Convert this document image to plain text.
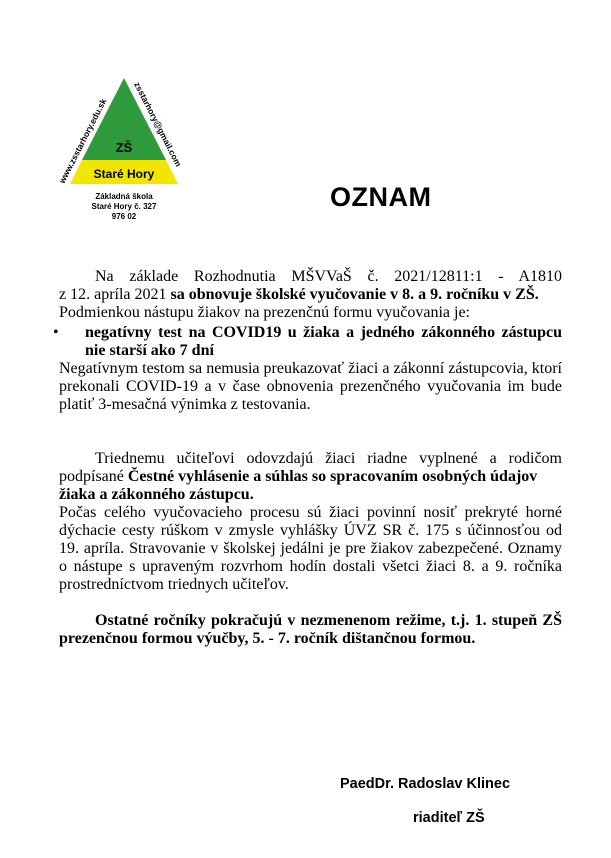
ZŠ
Staré Hory
www.zsstarhory.edu.sk
zsstarhory@gmail.com
Základná škola
Staré Hory č. 327
976 02
OZNAM

Na základe Rozhodnutia MŠVVaŠ č. 2021/12811:1 - A1810

z 12. apríla 2021 sa obnovuje školské vyučovanie v 8. a 9. ročníku v ZŠ.

Podmienkou nástupu žiakov na prezenčnú formu vyučovania je:

• negatívny test na COVID19 u žiaka a jedného zákonného zástupcu
nie starší ako 7 dní

Negatívnym testom sa nemusia preukazovať žiaci a zákonní zástupcovia, ktorí prekonali COVID-19 a v čase obnovenia prezenčného vyučovania im bude platiť 3-mesačná výnimka z testovania.

Triednemu učiteľovi odovzdajú žiaci riadne vyplnené a rodičom

podpísané Čestné vyhlásenie a súhlas so spracovaním osobných údajov

žiaka a zákonného zástupcu.

Počas celého vyučovacieho procesu sú žiaci povinní nosiť prekryté horné dýchacie cesty rúškom v zmysle vyhlášky ÚVZ SR č. 175 s účinnosťou od 19. apríla. Stravovanie v školskej jedálni je pre žiakov zabezpečené. Oznamy o nástupe s upraveným rozvrhom hodín dostali všetci žiaci 8. a 9. ročníka prostredníctvom triednych učiteľov.

Ostatné ročníky pokračujú v nezmenenom režime, t.j. 1. stupeň ZŠ prezenčnou formou výučby, 5. - 7. ročník dištančnou formou.

PaedDr. Radoslav Klinec
riaditeľ ZŠ
